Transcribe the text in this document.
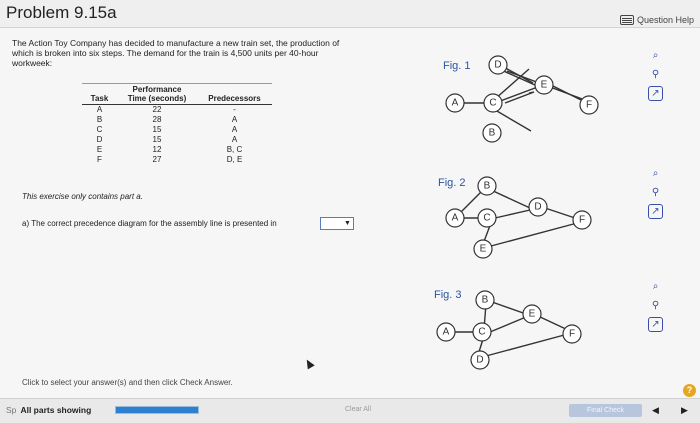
Problem 9.15a	Question Help
The Action Toy Company has decided to manufacture a new train set, the production of which is broken into six steps. The demand for the train is 4,500 units per 40-hour workweek:
Task	Performance Time (seconds)	Predecessors
A	22	-
B	28	A
C	15	A
D	15	A
E	12	B, C
F	27	D, E
This exercise only contains part a.
a) The correct precedence diagram for the assembly line is presented in	▼
Fig. 1
A	C
D
B
E
F
Fig. 2
A
B
C
D
E
F
Fig. 3
A
B
C
E
D
F
⌕
⚲
↗
⌕
⚲
↗
⌕
⚲
↗
Click to select your answer(s) and then click Check Answer.
?
Sp All parts showing	Clear All	Final Check	◀ ▶
